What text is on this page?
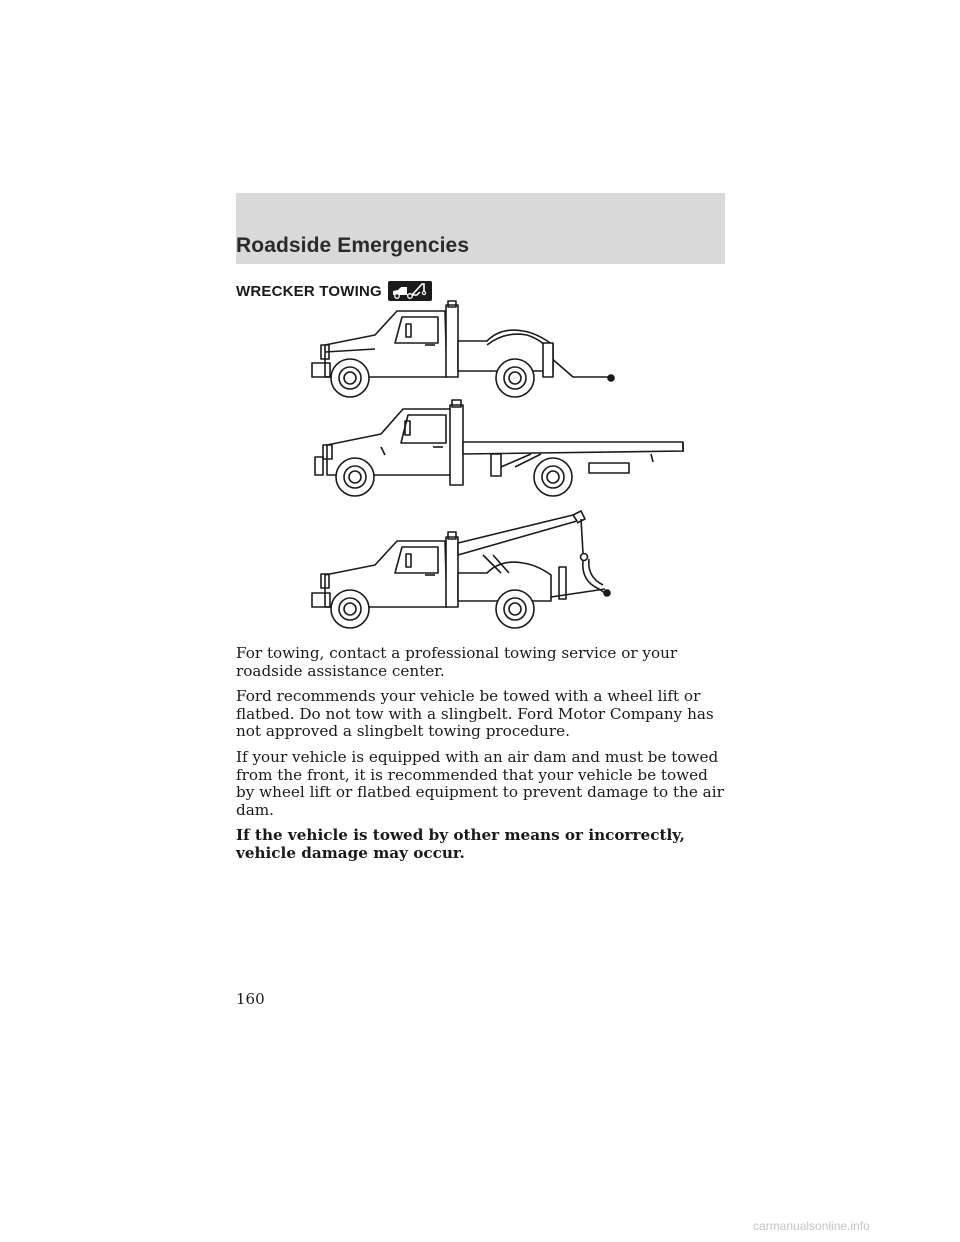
Roadside Emergencies
WRECKER TOWING

For towing, contact a professional towing service or your roadside assistance center.

Ford recommends your vehicle be towed with a wheel lift or flatbed. Do not tow with a slingbelt. Ford Motor Company has not approved a slingbelt towing procedure.

If your vehicle is equipped with an air dam and must be towed from the front, it is recommended that your vehicle be towed by wheel lift or flatbed equipment to prevent damage to the air dam.

If the vehicle is towed by other means or incorrectly, vehicle damage may occur.

160
carmanualsonline.info
